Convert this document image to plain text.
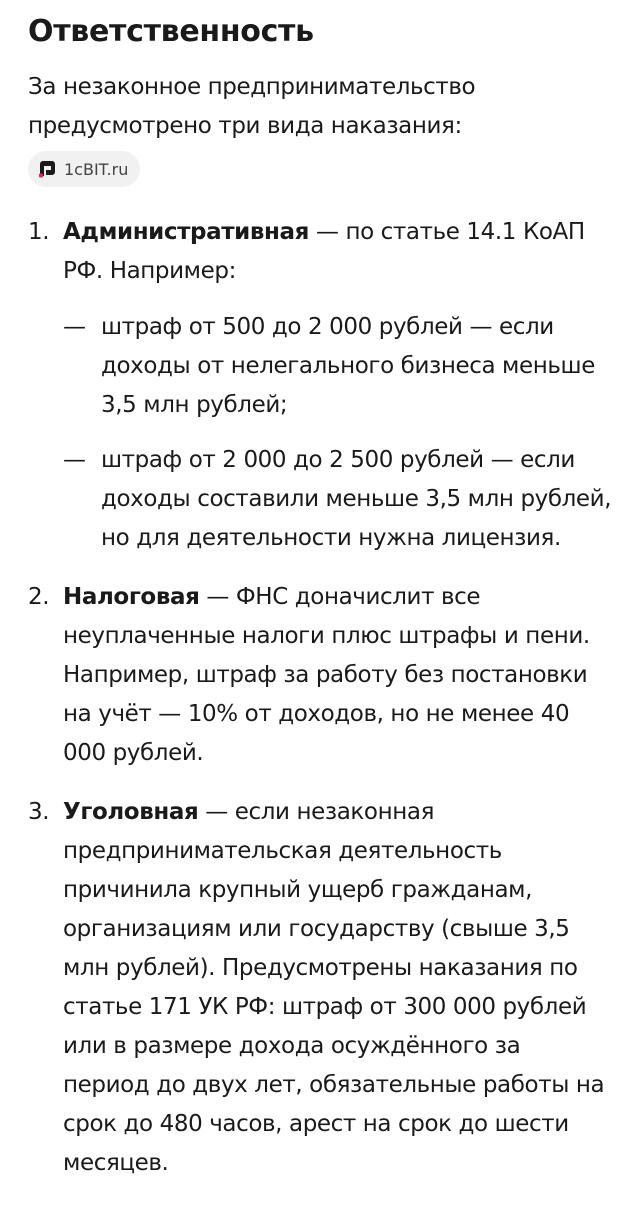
Ответственность

За незаконное предпринимательство предусмотрено три вида наказания:

1cBIT.ru
1. Административная — по статье 14.1 КоАП РФ. Например:
— штраф от 500 до 2 000 рублей — если доходы от нелегального бизнеса меньше 3,5 млн рублей;
— штраф от 2 000 до 2 500 рублей — если доходы составили меньше 3,5 млн рублей, но для деятельности нужна лицензия.
2. Налоговая — ФНС доначислит все неуплаченные налоги плюс штрафы и пени. Например, штраф за работу без постановки на учёт — 10% от доходов, но не менее 40 000 рублей.
3. Уголовная — если незаконная предпринимательская деятельность причинила крупный ущерб гражданам, организациям или государству (свыше 3,5 млн рублей). Предусмотрены наказания по статье 171 УК РФ: штраф от 300 000 рублей или в размере дохода осуждённого за период до двух лет, обязательные работы на срок до 480 часов, арест на срок до шести месяцев.
